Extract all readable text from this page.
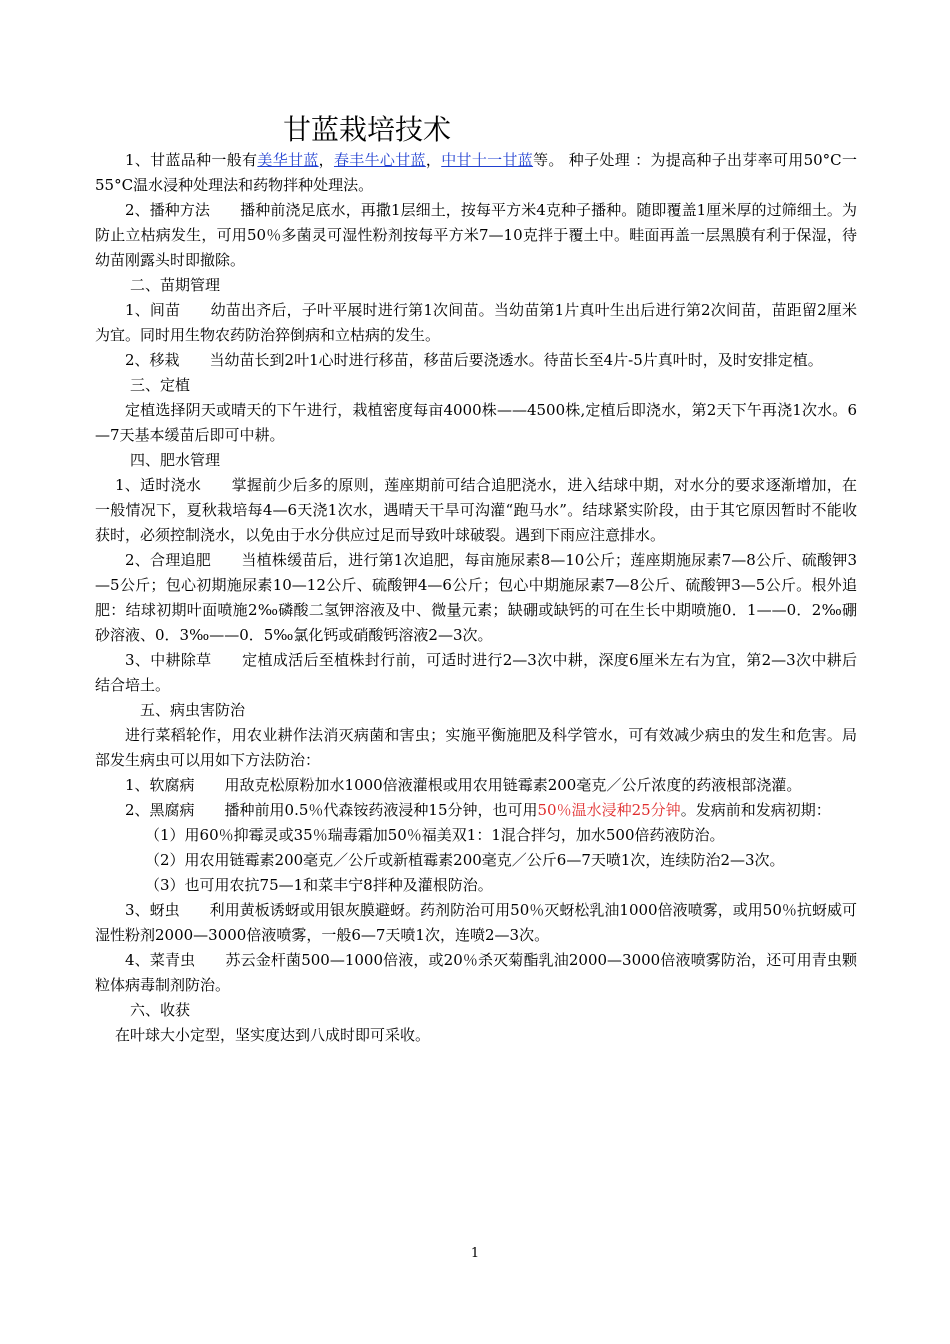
甘蓝栽培技术

1、甘蓝品种一般有美华甘蓝，春丰牛心甘蓝，中甘十一甘蓝等。 种子处理 ：为提高种子出芽率可用50°C一55°C温水浸种处理法和药物拌种处理法。

2、播种方法　　播种前浇足底水，再撒1层细土，按每平方米4克种子播种。随即覆盖1厘米厚的过筛细土。为防止立枯病发生，可用50％多菌灵可湿性粉剂按每平方米7—10克拌于覆土中。畦面再盖一层黑膜有利于保湿，待幼苗刚露头时即撤除。

二、苗期管理

1、间苗　　幼苗出齐后，子叶平展时进行第1次间苗。当幼苗第1片真叶生出后进行第2次间苗，苗距留2厘米为宜。同时用生物农药防治猝倒病和立枯病的发生。

2、移栽　　当幼苗长到2叶1心时进行移苗，移苗后要浇透水。待苗长至4片-5片真叶时，及时安排定植。

三、定植

定植选择阴天或晴天的下午进行，栽植密度每亩4000株——4500株,定植后即浇水，第2天下午再浇1次水。6—7天基本缓苗后即可中耕。

四、肥水管理

1、适时浇水　　掌握前少后多的原则，莲座期前可结合追肥浇水，进入结球中期，对水分的要求逐渐增加，在一般情况下，夏秋栽培每4—6天浇1次水，遇晴天干旱可沟灌“跑马水”。结球紧实阶段，由于其它原因暂时不能收获时，必须控制浇水，以免由于水分供应过足而导致叶球破裂。遇到下雨应注意排水。

2、合理追肥　　当植株缓苗后，进行第1次追肥，每亩施尿素8—10公斤；莲座期施尿素7—8公斤、硫酸钾3—5公斤；包心初期施尿素10—12公斤、硫酸钾4—6公斤；包心中期施尿素7—8公斤、硫酸钾3—5公斤。根外追肥：结球初期叶面喷施2‰磷酸二氢钾溶液及中、微量元素；缺硼或缺钙的可在生长中期喷施0．1——0．2‰硼砂溶液、0．3‰——0．5‰氯化钙或硝酸钙溶液2—3次。

3、中耕除草　　定植成活后至植株封行前，可适时进行2—3次中耕，深度6厘米左右为宜，第2—3次中耕后结合培土。

五、病虫害防治

进行菜稻轮作，用农业耕作法消灭病菌和害虫；实施平衡施肥及科学管水，可有效减少病虫的发生和危害。局部发生病虫可以用如下方法防治：

1、软腐病　　用敌克松原粉加水1000倍液灌根或用农用链霉素200毫克／公斤浓度的药液根部浇灌。

2、黑腐病　　播种前用0.5％代森铵药液浸种15分钟，也可用50％温水浸种25分钟。发病前和发病初期：

（1）用60％抑霉灵或35％瑞毒霜加50％福美双1：1混合拌匀，加水500倍药液防治。

（2）用农用链霉素200毫克／公斤或新植霉素200毫克／公斤6—7天喷1次，连续防治2—3次。

（3）也可用农抗75—1和菜丰宁8拌种及灌根防治。

3、蚜虫　　利用黄板诱蚜或用银灰膜避蚜。药剂防治可用50％灭蚜松乳油1000倍液喷雾，或用50％抗蚜威可湿性粉剂2000—3000倍液喷雾，一般6—7天喷1次，连喷2—3次。

4、菜青虫　　苏云金杆菌500—1000倍液，或20％杀灭菊酯乳油2000—3000倍液喷雾防治，还可用青虫颗粒体病毒制剂防治。

六、收获

在叶球大小定型，坚实度达到八成时即可采收。

1
